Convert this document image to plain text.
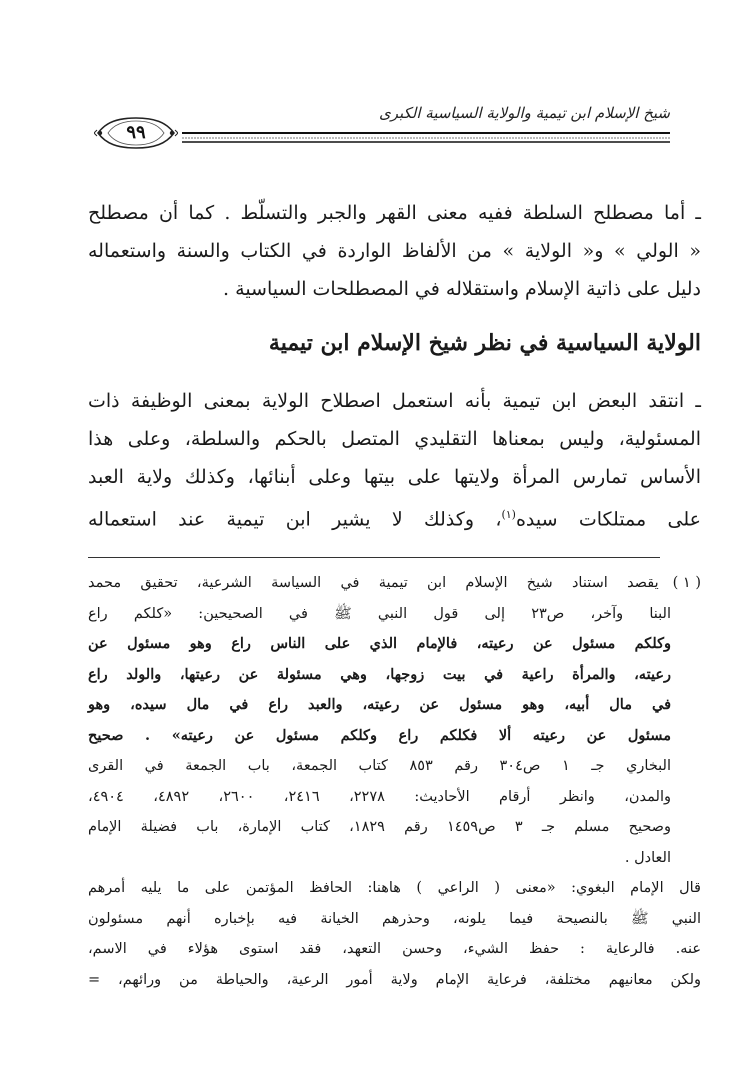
٩٩
شيخ الإسلام ابن تيمية والولاية السياسية الكبرى
ـ أما مصطلح السلطة ففيه معنى القهر والجبر والتسلّط . كما أن مصطلح
« الولي » و« الولاية » من الألفاظ الواردة في الكتاب والسنة واستعماله
دليل على ذاتية الإسلام واستقلاله في المصطلحات السياسية .
الولاية السياسية في نظر شيخ الإسلام ابن تيمية
ـ انتقد البعض ابن تيمية بأنه استعمل اصطلاح الولاية بمعنى الوظيفة ذات
المسئولية، وليس بمعناها التقليدي المتصل بالحكم والسلطة، وعلى هذا
الأساس تمارس المرأة ولايتها على بيتها وعلى أبنائها، وكذلك ولاية العبد
على ممتلكات سيده$^{(١)}$، وكذلك لا يشير ابن تيمية عند استعماله
( ١ )يقصد استناد شيخ الإسلام ابن تيمية في السياسة الشرعية، تحقيق محمد
البنا وآخر، ص٢٣ إلى قول النبي ﷺ في الصحيحين: «كلكم راع
وكلكم مسئول عن رعيته، فالإمام الذي على الناس راع وهو مسئول عن
رعيته، والمرأة راعية في بيت زوجها، وهي مسئولة عن رعيتها، والولد راع
في مال أبيه، وهو مسئول عن رعيته، والعبد راع في مال سيده، وهو
مسئول عن رعيته ألا فكلكم راع وكلكم مسئول عن رعيته» . صحيح
البخاري جـ ١ ص٣٠٤ رقم ٨٥٣ كتاب الجمعة، باب الجمعة في القرى
والمدن، وانظر أرقام الأحاديث: ٢٢٧٨، ٢٤١٦، ٢٦٠٠، ٤٨٩٢، ٤٩٠٤،
وصحيح مسلم جـ ٣ ص١٤٥٩ رقم ١٨٢٩، كتاب الإمارة، باب فضيلة الإمام
العادل .
قال الإمام البغوي: «معنى ( الراعي ) هاهنا: الحافظ المؤتمن على ما يليه أمرهم
النبي ﷺ بالنصيحة فيما يلونه، وحذرهم الخيانة فيه بإخباره أنهم مسئولون
عنه. فالرعاية : حفظ الشيء، وحسن التعهد، فقد استوى هؤلاء في الاسم،
ولكن معانيهم مختلفة، فرعاية الإمام ولاية أمور الرعية، والحياطة من ورائهم، =
